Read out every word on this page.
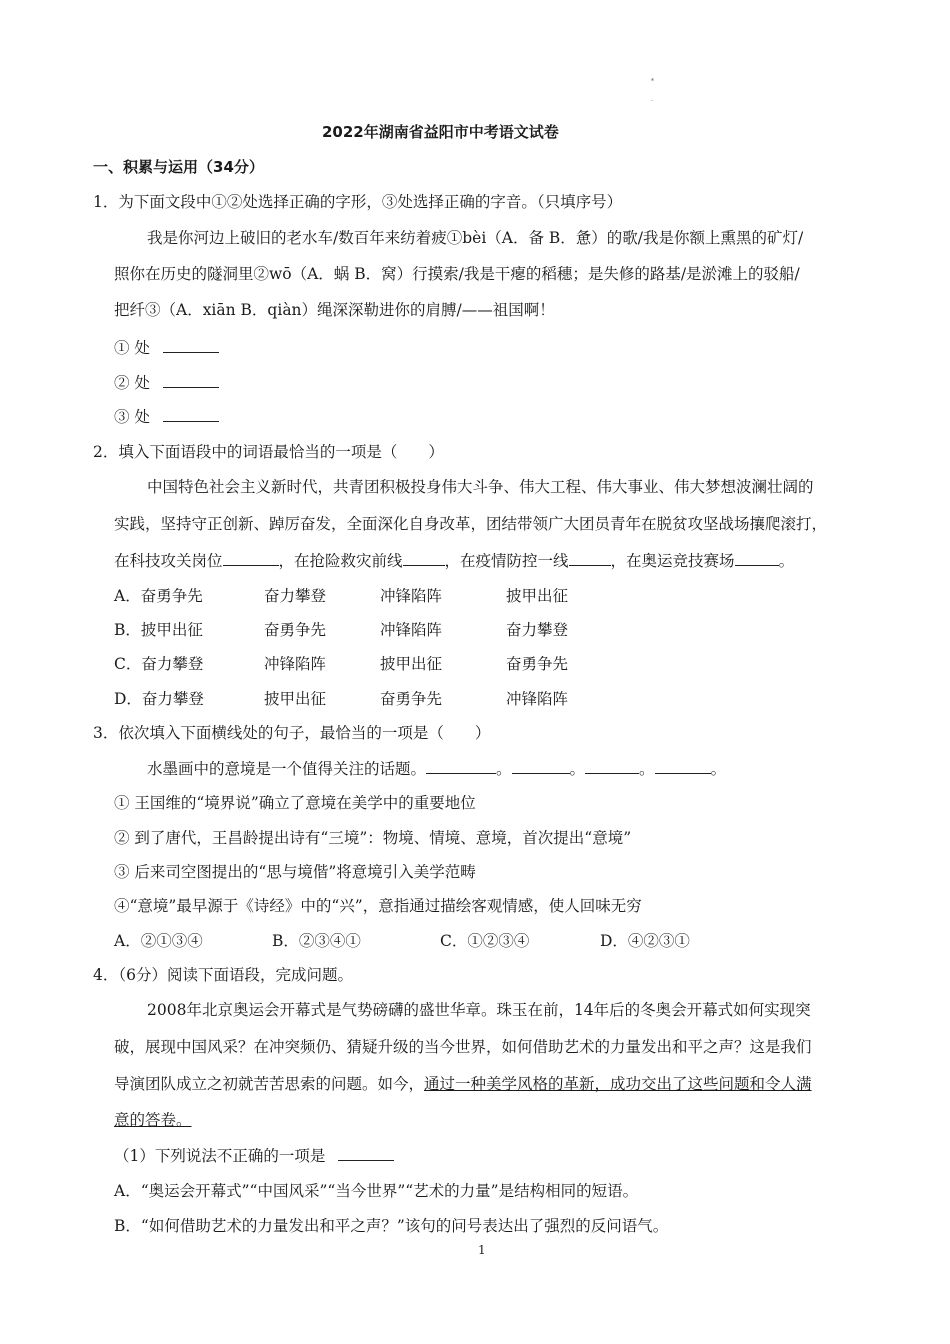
*
·
2022年湖南省益阳市中考语文试卷
一、积累与运用（34分）
1．为下面文段中①②处选择正确的字形，③处选择正确的字音。（只填序号）
我是你河边上破旧的老水车/数百年来纺着疲①bèi（A．备 B．惫）的歌/我是你额上熏黑的矿灯/
照你在历史的隧洞里②wō（A．蜗 B．窝）行摸索/我是干瘪的稻穗；是失修的路基/是淤滩上的驳船/
把纤③（A．xiān B．qiàn）绳深深勒进你的肩膊/——祖国啊！
① 处
② 处
③ 处
2．填入下面语段中的词语最恰当的一项是（　　）
中国特色社会主义新时代，共青团积极投身伟大斗争、伟大工程、伟大事业、伟大梦想波澜壮阔的
实践，坚持守正创新、踔厉奋发，全面深化自身改革，团结带领广大团员青年在脱贫攻坚战场攘爬滚打，
在科技攻关岗位	，在抢险救灾前线	，在疫情防控一线	，在奥运竞技赛场	。
A．奋勇争先	奋力攀登	冲锋陷阵	披甲出征
B．披甲出征	奋勇争先	冲锋陷阵	奋力攀登
C．奋力攀登	冲锋陷阵	披甲出征	奋勇争先
D．奋力攀登	披甲出征	奋勇争先	冲锋陷阵
3．依次填入下面横线处的句子，最恰当的一项是（　　）
水墨画中的意境是一个值得关注的话题。	。	。	。	。
① 王国维的“境界说”确立了意境在美学中的重要地位
② 到了唐代，王昌龄提出诗有“三境”：物境、情境、意境，首次提出“意境”
③ 后来司空图提出的“思与境偕”将意境引入美学范畴
④“意境”最早源于《诗经》中的“兴”，意指通过描绘客观情感，使人回味无穷
A．②①③④	B．②③④①	C．①②③④	D．④②③①
4．（6分）阅读下面语段，完成问题。
2008年北京奥运会开幕式是气势磅礴的盛世华章。珠玉在前，14年后的冬奥会开幕式如何实现突
破，展现中国风采？在冲突频仍、猜疑升级的当今世界，如何借助艺术的力量发出和平之声？这是我们
导演团队成立之初就苦苦思索的问题。如今，通过一种美学风格的革新，成功交出了这些问题和令人满
意的答卷。
（1）下列说法不正确的一项是
A．“奥运会开幕式”“中国风采”“当今世界”“艺术的力量”是结构相同的短语。
B．“如何借助艺术的力量发出和平之声？”该句的问号表达出了强烈的反问语气。
1
